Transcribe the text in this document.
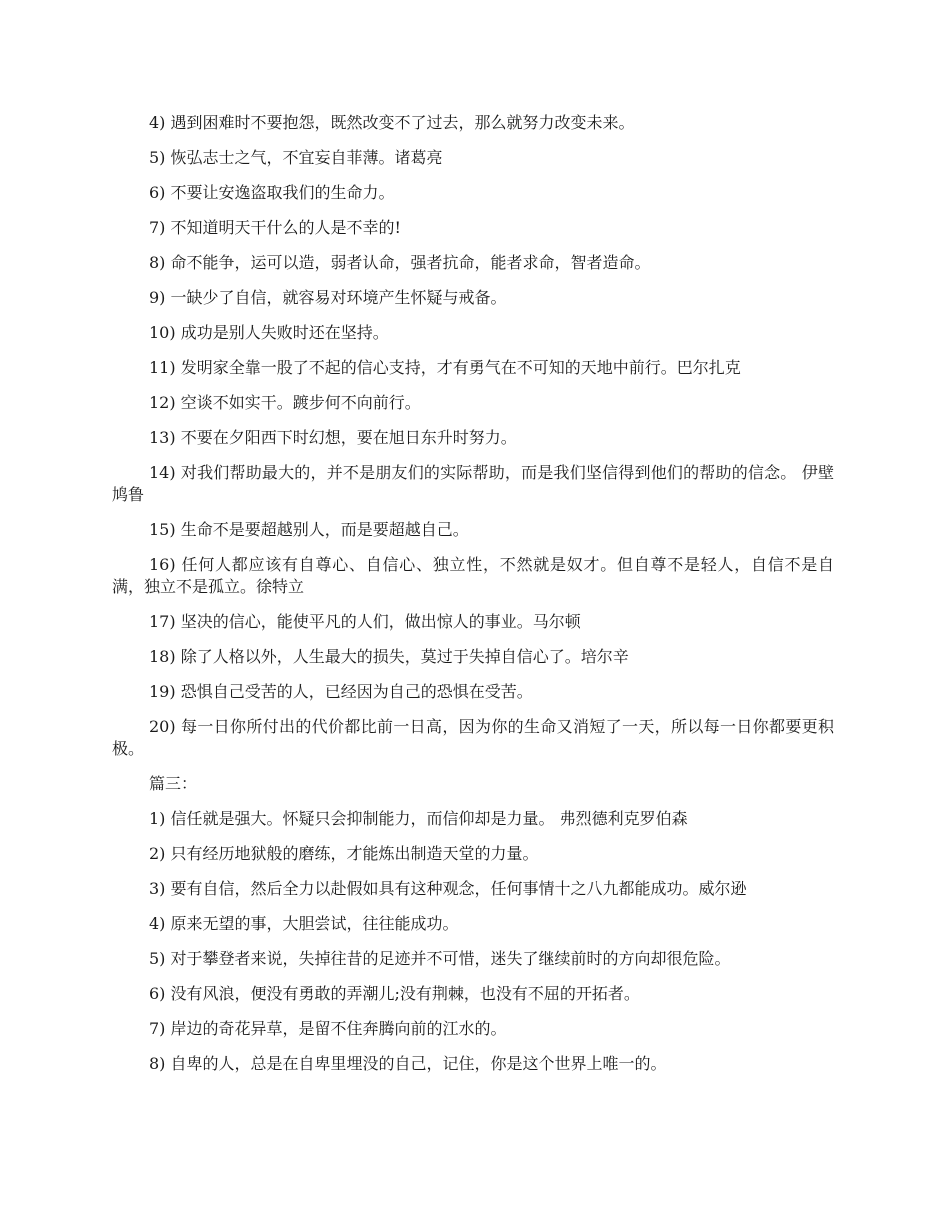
4) 遇到困难时不要抱怨，既然改变不了过去，那么就努力改变未来。

5) 恢弘志士之气，不宜妄自菲薄。诸葛亮

6) 不要让安逸盗取我们的生命力。

7) 不知道明天干什么的人是不幸的!

8) 命不能争，运可以造，弱者认命，强者抗命，能者求命，智者造命。

9) 一缺少了自信，就容易对环境产生怀疑与戒备。

10) 成功是别人失败时还在坚持。

11) 发明家全靠一股了不起的信心支持，才有勇气在不可知的天地中前行。巴尔扎克

12) 空谈不如实干。踱步何不向前行。

13) 不要在夕阳西下时幻想，要在旭日东升时努力。

14) 对我们帮助最大的，并不是朋友们的实际帮助，而是我们坚信得到他们的帮助的信念。 伊壁鸠鲁

15) 生命不是要超越别人，而是要超越自己。

16) 任何人都应该有自尊心、自信心、独立性，不然就是奴才。但自尊不是轻人，自信不是自满，独立不是孤立。徐特立

17) 坚决的信心，能使平凡的人们，做出惊人的事业。马尔顿

18) 除了人格以外，人生最大的损失，莫过于失掉自信心了。培尔辛

19) 恐惧自己受苦的人，已经因为自己的恐惧在受苦。

20) 每一日你所付出的代价都比前一日高，因为你的生命又消短了一天，所以每一日你都要更积极。

篇三：

1) 信任就是强大。怀疑只会抑制能力，而信仰却是力量。 弗烈德利克罗伯森

2) 只有经历地狱般的磨练，才能炼出制造天堂的力量。

3) 要有自信，然后全力以赴假如具有这种观念，任何事情十之八九都能成功。威尔逊

4) 原来无望的事，大胆尝试，往往能成功。

5) 对于攀登者来说，失掉往昔的足迹并不可惜，迷失了继续前时的方向却很危险。

6) 没有风浪，便没有勇敢的弄潮儿;没有荆棘，也没有不屈的开拓者。

7) 岸边的奇花异草，是留不住奔腾向前的江水的。

8) 自卑的人，总是在自卑里埋没的自己，记住，你是这个世界上唯一的。
